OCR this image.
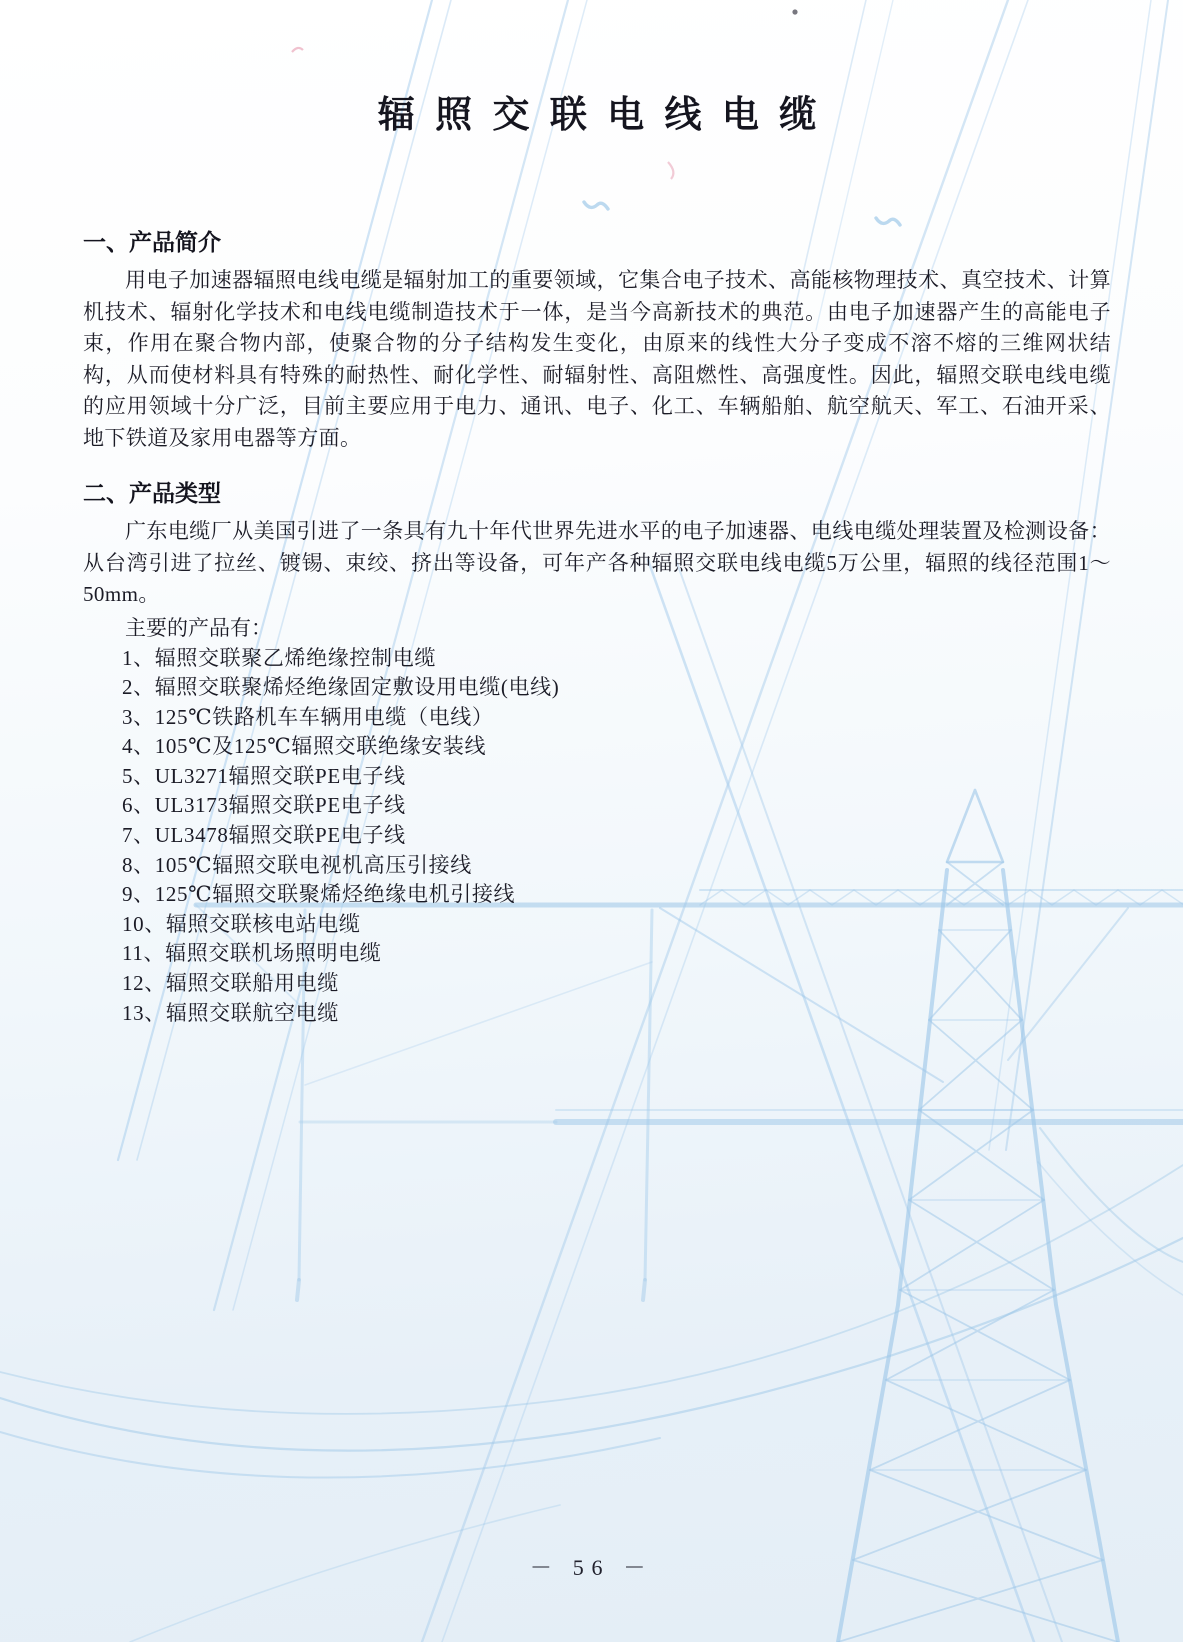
辐照交联电线电缆
一、产品简介

用电子加速器辐照电线电缆是辐射加工的重要领域，它集合电子技术、高能核物理技术、真空技术、计算机技术、辐射化学技术和电线电缆制造技术于一体，是当今高新技术的典范。由电子加速器产生的高能电子束，作用在聚合物内部，使聚合物的分子结构发生变化，由原来的线性大分子变成不溶不熔的三维网状结构，从而使材料具有特殊的耐热性、耐化学性、耐辐射性、高阻燃性、高强度性。因此，辐照交联电线电缆的应用领域十分广泛，目前主要应用于电力、通讯、电子、化工、车辆船舶、航空航天、军工、石油开采、地下铁道及家用电器等方面。

二、产品类型

广东电缆厂从美国引进了一条具有九十年代世界先进水平的电子加速器、电线电缆处理装置及检测设备：从台湾引进了拉丝、镀锡、束绞、挤出等设备，可年产各种辐照交联电线电缆5万公里，辐照的线径范围1～50mm。

主要的产品有：

1、辐照交联聚乙烯绝缘控制电缆
2、辐照交联聚烯烃绝缘固定敷设用电缆(电线)
3、125℃铁路机车车辆用电缆（电线）
4、105℃及125℃辐照交联绝缘安装线
5、UL3271辐照交联PE电子线
6、UL3173辐照交联PE电子线
7、UL3478辐照交联PE电子线
8、105℃辐照交联电视机高压引接线
9、125℃辐照交联聚烯烃绝缘电机引接线
10、辐照交联核电站电缆
11、辐照交联机场照明电缆
12、辐照交联船用电缆
13、辐照交联航空电缆
－ 56 －
